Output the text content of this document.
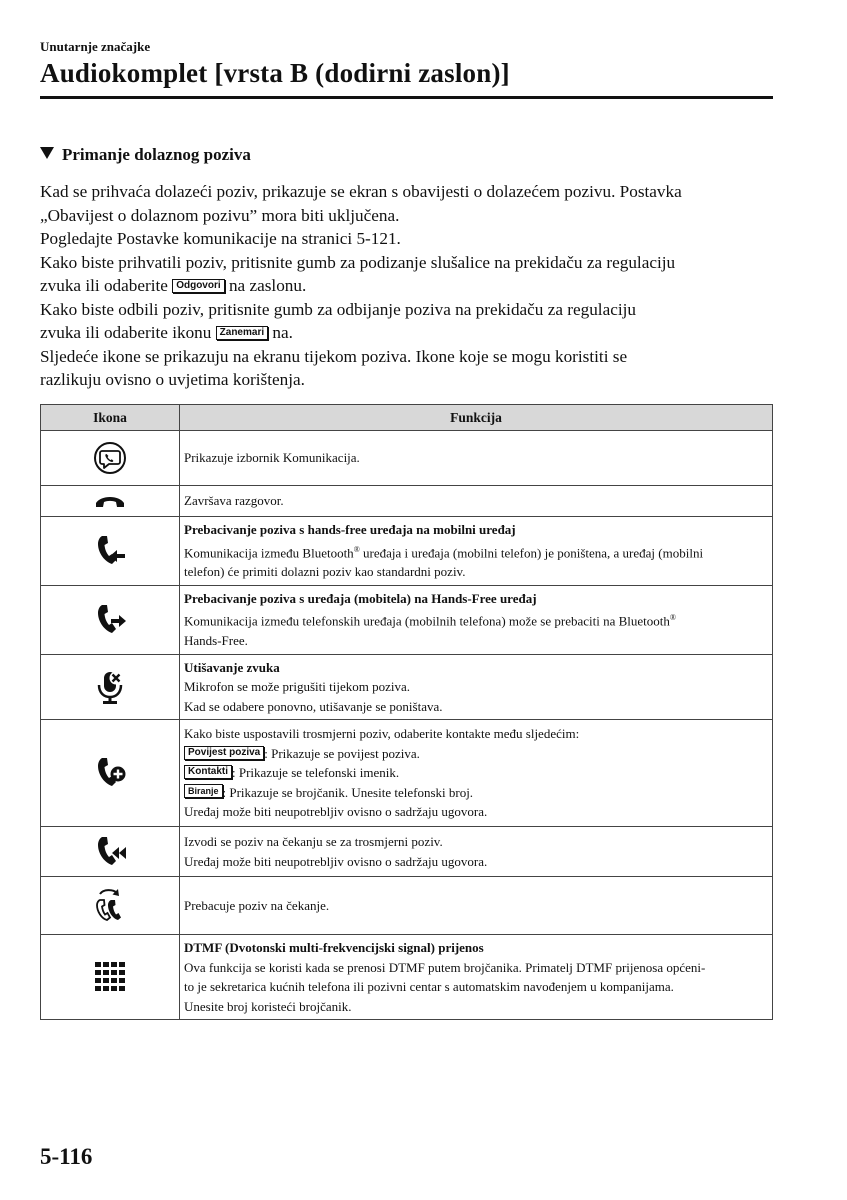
Unutarnje značajke
Audiokomplet [vrsta B (dodirni zaslon)]
Primanje dolaznog poziva

Kad se prihvaća dolazeći poziv, prikazuje se ekran s obavijesti o dolazećem pozivu. Postavka

„Obavijest o dolaznom pozivu” mora biti uključena.

Pogledajte Postavke komunikacije na stranici 5-121.

Kako biste prihvatili poziv, pritisnite gumb za podizanje slušalice na prekidaču za regulaciju

zvuka ili odaberite Odgovori na zaslonu.

Kako biste odbili poziv, pritisnite gumb za odbijanje poziva na prekidaču za regulaciju

zvuka ili odaberite ikonu Zanemari na.

Sljedeće ikone se prikazuju na ekranu tijekom poziva. Ikone koje se mogu koristiti se

razlikuju ovisno o uvjetima korištenja.

Ikona	Funkcija

	Prikazuje izbornik Komunikacija.

	Završava razgovor.

Prebacivanje poziva s hands-free uređaja na mobilni uređaj
Komunikacija između Bluetooth® uređaja i uređaja (mobilni telefon) je poništena, a uređaj (mobilni
telefon) će primiti dolazni poziv kao standardni poziv.

Prebacivanje poziva s uređaja (mobitela) na Hands-Free uređaj
Komunikacija između telefonskih uređaja (mobilnih telefona) može se prebaciti na Bluetooth®
Hands-Free.

Utišavanje zvuka
Mikrofon se može prigušiti tijekom poziva.
Kad se odabere ponovno, utišavanje se poništava.

Kako biste uspostavili trosmjerni poziv, odaberite kontakte među sljedećim:
Povijest poziva : Prikazuje se povijest poziva.
Kontakti : Prikazuje se telefonski imenik.
Biranje : Prikazuje se brojčanik. Unesite telefonski broj.
Uređaj može biti neupotrebljiv ovisno o sadržaju ugovora.

Izvodi se poziv na čekanju se za trosmjerni poziv.
Uređaj može biti neupotrebljiv ovisno o sadržaju ugovora.

	Prebacuje poziv na čekanje.

DTMF (Dvotonski multi-frekvencijski signal) prijenos
Ova funkcija se koristi kada se prenosi DTMF putem brojčanika. Primatelj DTMF prijenosa općeni-
to je sekretarica kućnih telefona ili pozivni centar s automatskim navođenjem u kompanijama.
Unesite broj koristeći brojčanik.
5-116
